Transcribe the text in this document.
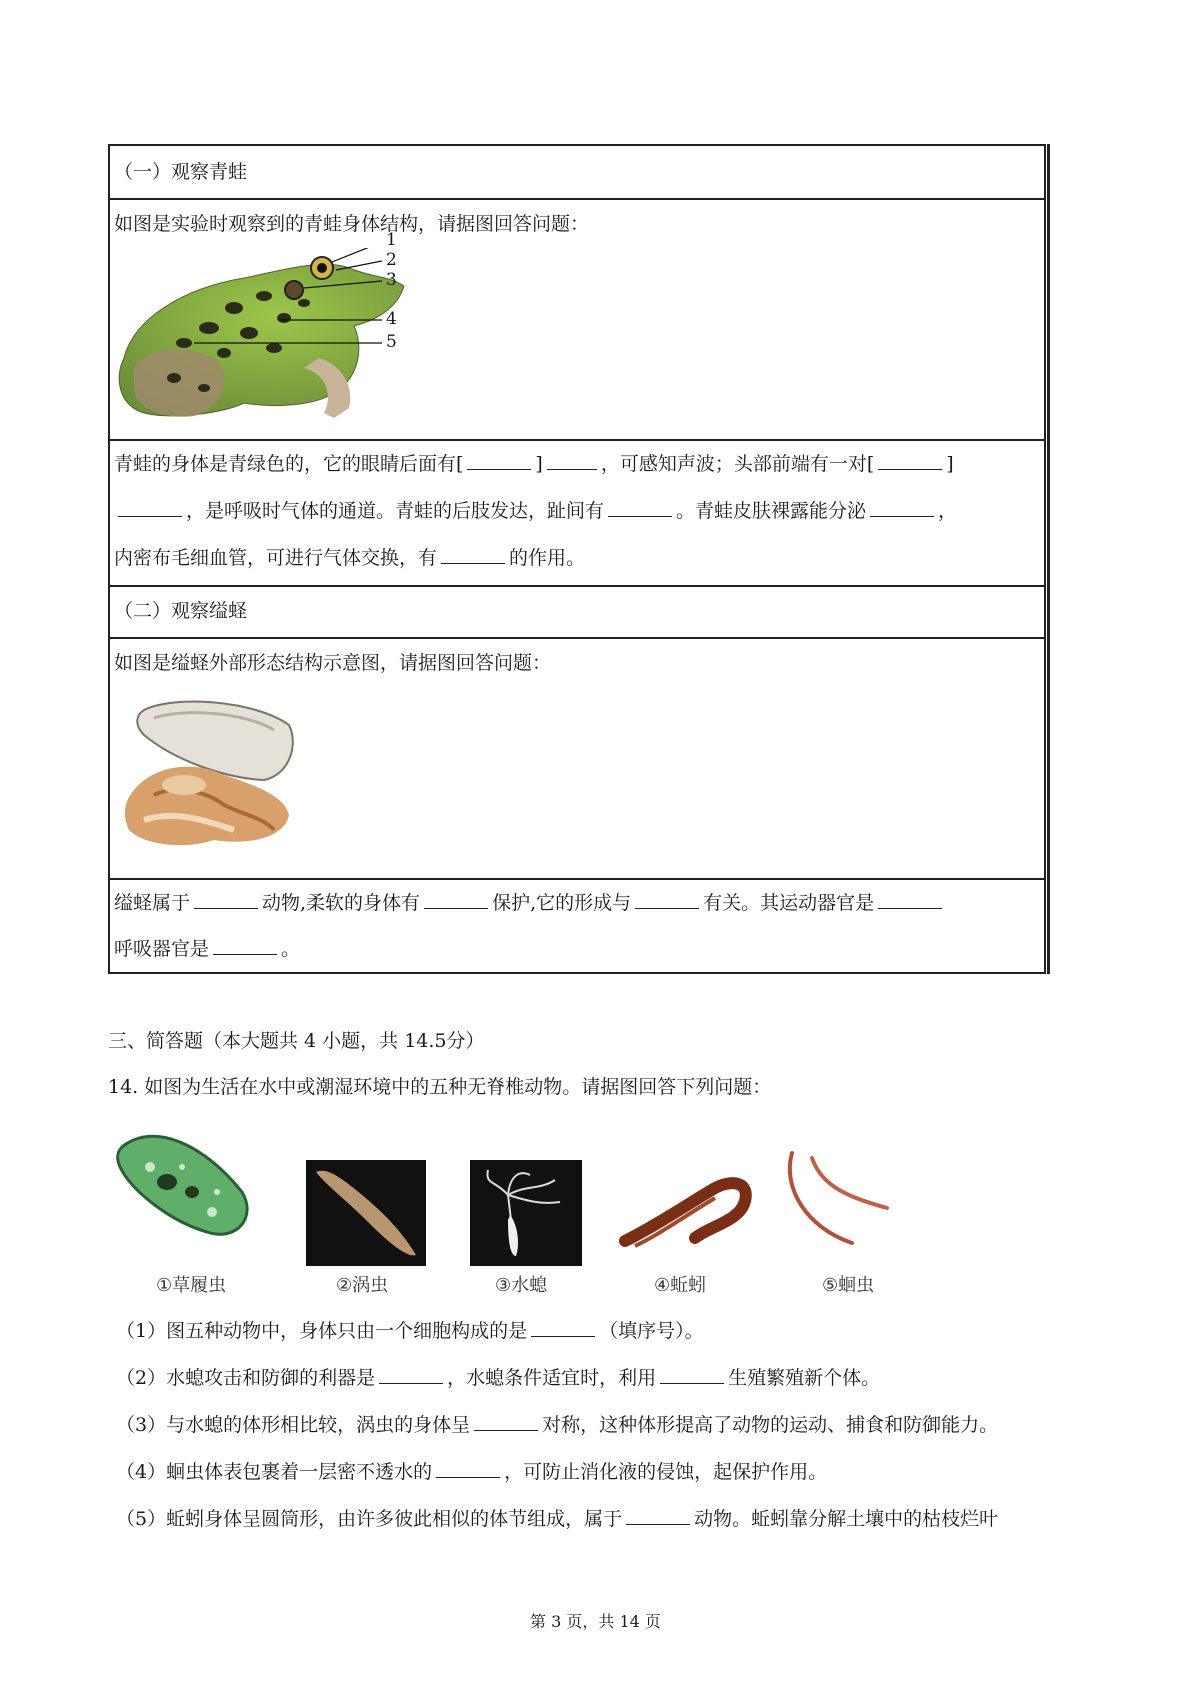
（一）观察青蛙
如图是实验时观察到的青蛙身体结构，请据图回答问题：
青蛙的身体是青绿色的，它的眼睛后面有[	]	，可感知声波；头部前端有一对[	]
，是呼吸时气体的通道。青蛙的后肢发达，趾间有	。青蛙皮肤裸露能分泌	，
内密布毛细血管，可进行气体交换，有	的作用。
（二）观察缢蛏
如图是缢蛏外部形态结构示意图，请据图回答问题：
缢蛏属于	动物,柔软的身体有	保护,它的形成与	有关。其运动器官是
呼吸器官是	。
1
2
3
4
5
三、简答题（本大题共 4 小题，共 14.5分）
14. 如图为生活在水中或潮湿环境中的五种无脊椎动物。请据图回答下列问题：
①草履虫	②涡虫	③水螅	④蚯蚓	⑤蛔虫
（1）图五种动物中，身体只由一个细胞构成的是	（填序号）。
（2）水螅攻击和防御的利器是	，水螅条件适宜时，利用	生殖繁殖新个体。
（3）与水螅的体形相比较，涡虫的身体呈	对称，这种体形提高了动物的运动、捕食和防御能力。
（4）蛔虫体表包裹着一层密不透水的	，可防止消化液的侵蚀，起保护作用。
（5）蚯蚓身体呈圆筒形，由许多彼此相似的体节组成，属于	动物。蚯蚓靠分解土壤中的枯枝烂叶
第 3 页，共 14 页
